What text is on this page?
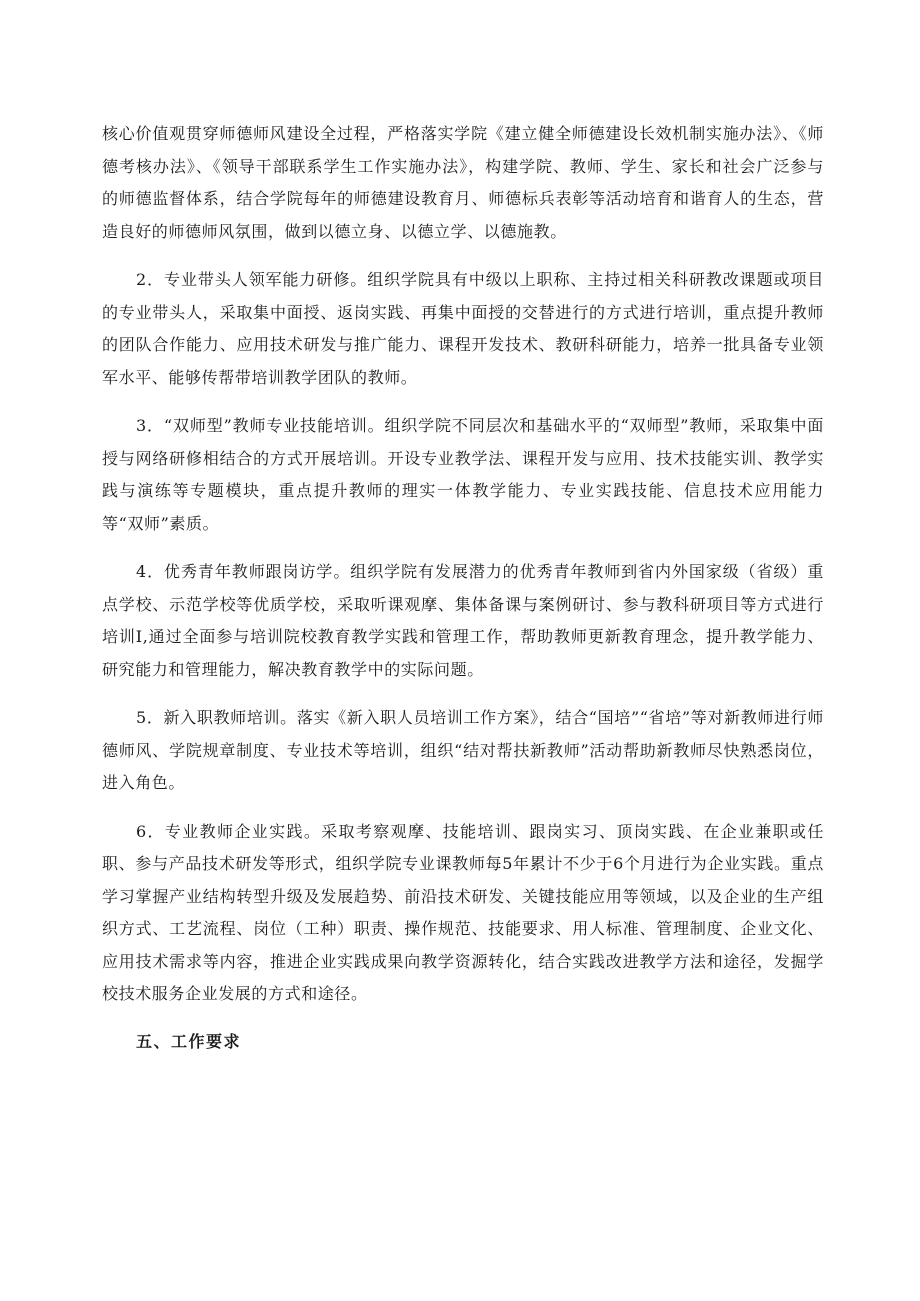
核心价值观贯穿师德师风建设全过程，严格落实学院《建立健全师德建设长效机制实施办法》、《师德考核办法》、《领导干部联系学生工作实施办法》，构建学院、教师、学生、家长和社会广泛参与的师德监督体系，结合学院每年的师德建设教育月、师德标兵表彰等活动培育和谐育人的生态，营造良好的师德师风氛围，做到以德立身、以德立学、以德施教。

2．专业带头人领军能力研修。组织学院具有中级以上职称、主持过相关科研教改课题或项目的专业带头人，采取集中面授、返岗实践、再集中面授的交替进行的方式进行培训，重点提升教师的团队合作能力、应用技术研发与推广能力、课程开发技术、教研科研能力，培养一批具备专业领军水平、能够传帮带培训教学团队的教师。

3．“双师型”教师专业技能培训。组织学院不同层次和基础水平的“双师型”教师，采取集中面授与网络研修相结合的方式开展培训。开设专业教学法、课程开发与应用、技术技能实训、教学实践与演练等专题模块，重点提升教师的理实一体教学能力、专业实践技能、信息技术应用能力等“双师”素质。

4．优秀青年教师跟岗访学。组织学院有发展潜力的优秀青年教师到省内外国家级（省级）重点学校、示范学校等优质学校，采取听课观摩、集体备课与案例研讨、参与教科研项目等方式进行培训I,通过全面参与培训院校教育教学实践和管理工作，帮助教师更新教育理念，提升教学能力、研究能力和管理能力，解决教育教学中的实际问题。

5．新入职教师培训。落实《新入职人员培训工作方案》，结合“国培”“省培”等对新教师进行师德师风、学院规章制度、专业技术等培训，组织“结对帮扶新教师”活动帮助新教师尽快熟悉岗位，进入角色。

6．专业教师企业实践。采取考察观摩、技能培训、跟岗实习、顶岗实践、在企业兼职或任职、参与产品技术研发等形式，组织学院专业课教师每5年累计不少于6个月进行为企业实践。重点学习掌握产业结构转型升级及发展趋势、前沿技术研发、关键技能应用等领域，以及企业的生产组织方式、工艺流程、岗位（工种）职责、操作规范、技能要求、用人标准、管理制度、企业文化、应用技术需求等内容，推进企业实践成果向教学资源转化，结合实践改进教学方法和途径，发掘学校技术服务企业发展的方式和途径。

五、工作要求
